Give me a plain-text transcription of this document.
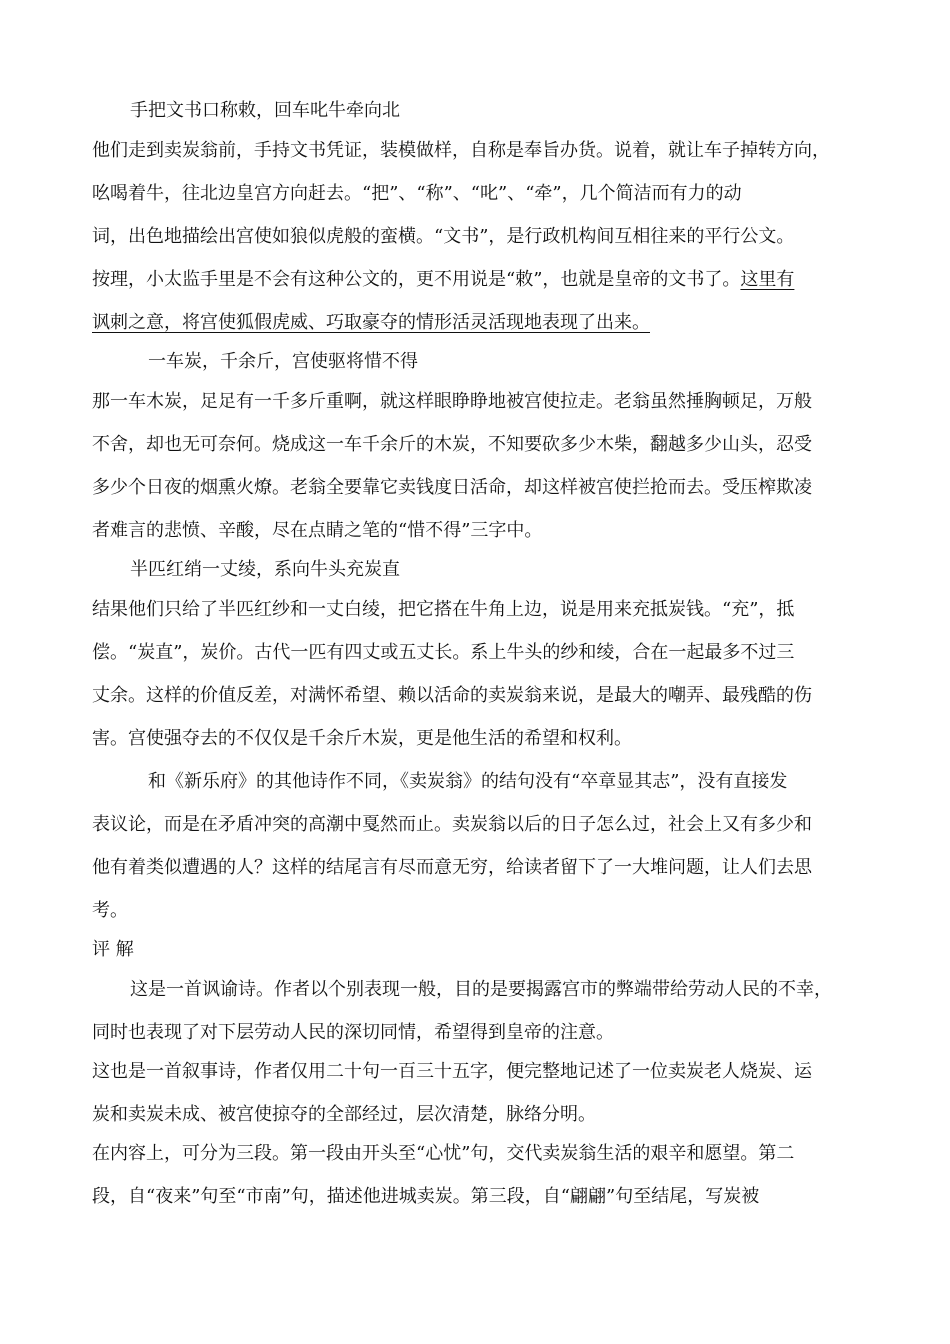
手把文书口称敕，回车叱牛牵向北
他们走到卖炭翁前，手持文书凭证，装模做样，自称是奉旨办货。说着，就让车子掉转方向，
吆喝着牛，往北边皇宫方向赶去。“把”、“称”、“叱”、“牵”，几个简洁而有力的动
词，出色地描绘出宫使如狼似虎般的蛮横。“文书”，是行政机构间互相往来的平行公文。
按理，小太监手里是不会有这种公文的，更不用说是“敕”，也就是皇帝的文书了。这里有
讽刺之意，将宫使狐假虎威、巧取豪夺的情形活灵活现地表现了出来。
一车炭，千余斤，宫使驱将惜不得
那一车木炭，足足有一千多斤重啊，就这样眼睁睁地被宫使拉走。老翁虽然捶胸顿足，万般
不舍，却也无可奈何。烧成这一车千余斤的木炭，不知要砍多少木柴，翻越多少山头，忍受
多少个日夜的烟熏火燎。老翁全要靠它卖钱度日活命，却这样被宫使拦抢而去。受压榨欺凌
者难言的悲愤、辛酸，尽在点睛之笔的“惜不得”三字中。
半匹红绡一丈绫，系向牛头充炭直
结果他们只给了半匹红纱和一丈白绫，把它搭在牛角上边，说是用来充抵炭钱。“充”，抵
偿。“炭直”，炭价。古代一匹有四丈或五丈长。系上牛头的纱和绫，合在一起最多不过三
丈余。这样的价值反差，对满怀希望、赖以活命的卖炭翁来说，是最大的嘲弄、最残酷的伤
害。宫使强夺去的不仅仅是千余斤木炭，更是他生活的希望和权利。
和《新乐府》的其他诗作不同，《卖炭翁》的结句没有“卒章显其志”，没有直接发
表议论，而是在矛盾冲突的高潮中戛然而止。卖炭翁以后的日子怎么过，社会上又有多少和
他有着类似遭遇的人？这样的结尾言有尽而意无穷，给读者留下了一大堆问题，让人们去思
考。
评 解
这是一首讽谕诗。作者以个别表现一般，目的是要揭露宫市的弊端带给劳动人民的不幸，
同时也表现了对下层劳动人民的深切同情，希望得到皇帝的注意。
这也是一首叙事诗，作者仅用二十句一百三十五字，便完整地记述了一位卖炭老人烧炭、运
炭和卖炭未成、被宫使掠夺的全部经过，层次清楚，脉络分明。
在内容上，可分为三段。第一段由开头至“心忧”句，交代卖炭翁生活的艰辛和愿望。第二
段，自“夜来”句至“市南”句，描述他进城卖炭。第三段，自“翩翩”句至结尾，写炭被
